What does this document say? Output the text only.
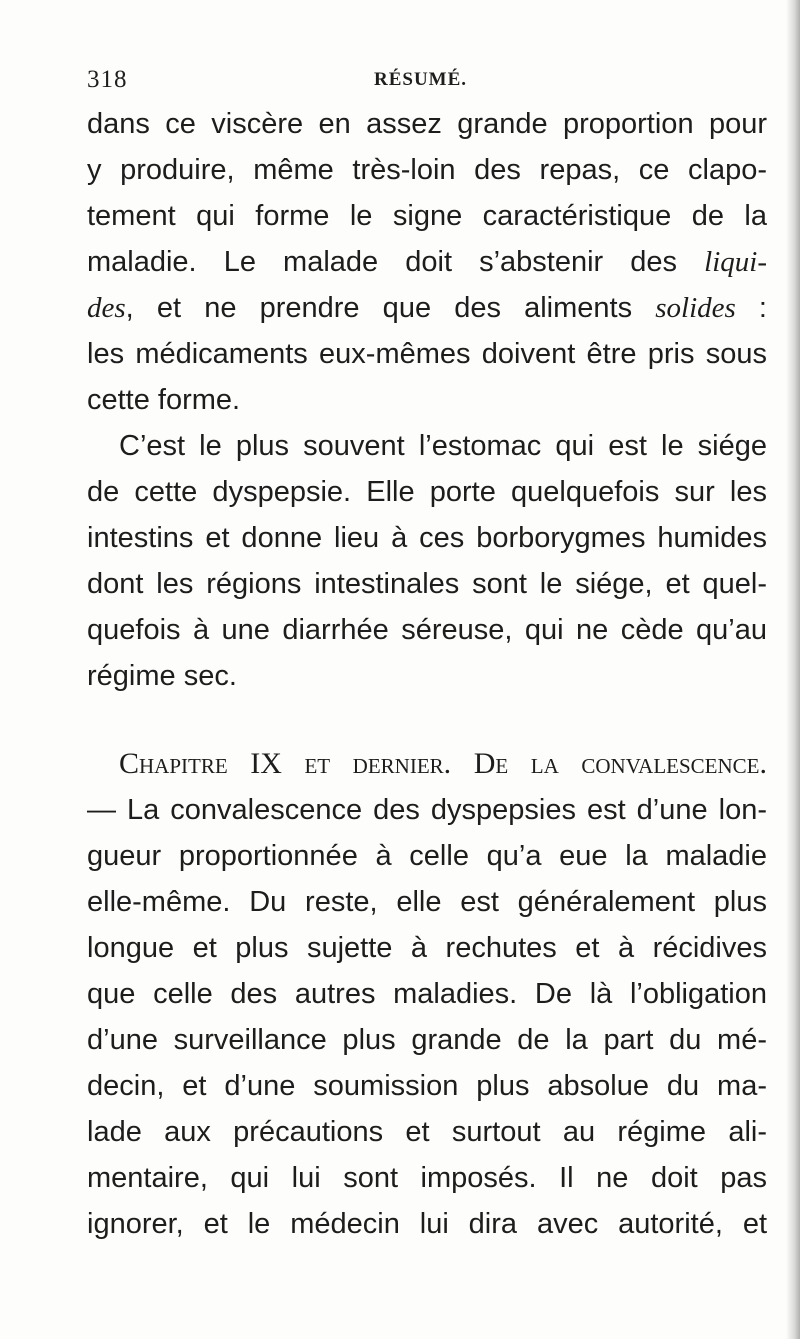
318	RÉSUMÉ.
dans ce viscère en assez grande proportion pour
y produire, même très-loin des repas, ce clapo-
tement qui forme le signe caractéristique de la
maladie. Le malade doit s’abstenir des liqui-
des, et ne prendre que des aliments solides :
les médicaments eux-mêmes doivent être pris sous
cette forme.
C’est le plus souvent l’estomac qui est le siége
de cette dyspepsie. Elle porte quelquefois sur les
intestins et donne lieu à ces borborygmes humides
dont les régions intestinales sont le siége, et quel-
quefois à une diarrhée séreuse, qui ne cède qu’au
régime sec.
Chapitre IX et dernier. De la convalescence.
— La convalescence des dyspepsies est d’une lon-
gueur proportionnée à celle qu’a eue la maladie
elle-même. Du reste, elle est généralement plus
longue et plus sujette à rechutes et à récidives
que celle des autres maladies. De là l’obligation
d’une surveillance plus grande de la part du mé-
decin, et d’une soumission plus absolue du ma-
lade aux précautions et surtout au régime ali-
mentaire, qui lui sont imposés. Il ne doit pas
ignorer, et le médecin lui dira avec autorité, et
